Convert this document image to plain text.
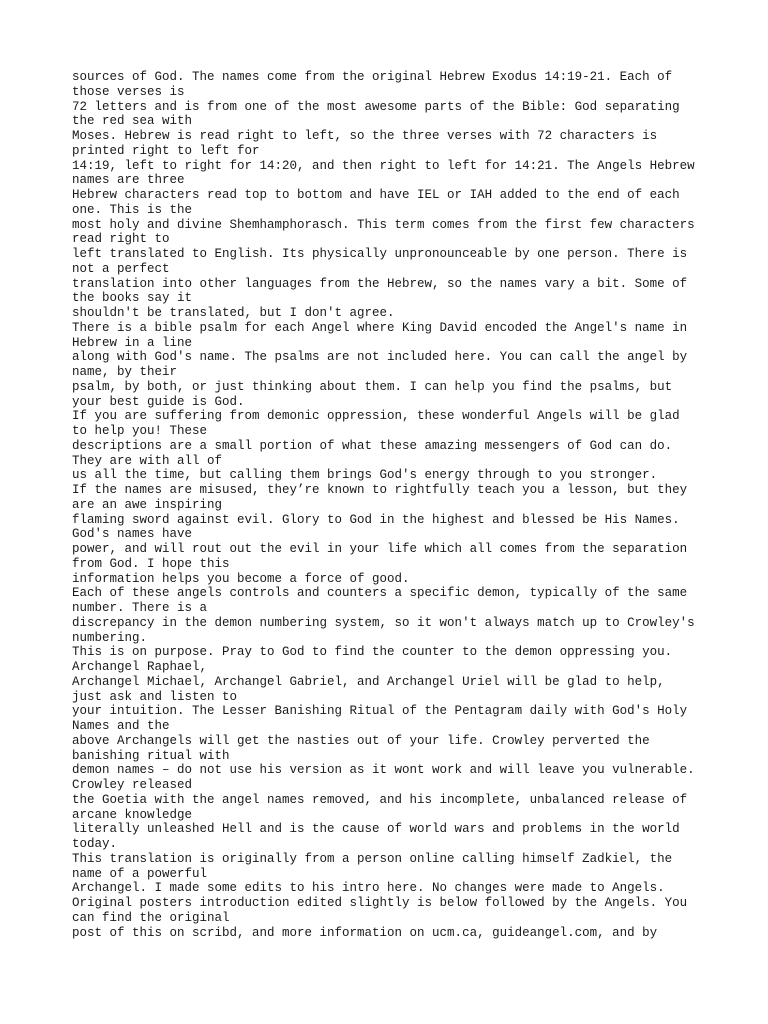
sources of God. The names come from the original Hebrew Exodus 14:19-21. Each of
those verses is
72 letters and is from one of the most awesome parts of the Bible: God separating
the red sea with
Moses. Hebrew is read right to left, so the three verses with 72 characters is
printed right to left for
14:19, left to right for 14:20, and then right to left for 14:21. The Angels Hebrew
names are three
Hebrew characters read top to bottom and have IEL or IAH added to the end of each
one. This is the
most holy and divine Shemhamphorasch. This term comes from the first few characters
read right to
left translated to English. Its physically unpronounceable by one person. There is
not a perfect
translation into other languages from the Hebrew, so the names vary a bit. Some of
the books say it
shouldn't be translated, but I don't agree.
There is a bible psalm for each Angel where King David encoded the Angel's name in
Hebrew in a line
along with God's name. The psalms are not included here. You can call the angel by
name, by their
psalm, by both, or just thinking about them. I can help you find the psalms, but
your best guide is God.
If you are suffering from demonic oppression, these wonderful Angels will be glad
to help you! These
descriptions are a small portion of what these amazing messengers of God can do.
They are with all of
us all the time, but calling them brings God's energy through to you stronger.
If the names are misused, they’re known to rightfully teach you a lesson, but they
are an awe inspiring
flaming sword against evil. Glory to God in the highest and blessed be His Names.
God's names have
power, and will rout out the evil in your life which all comes from the separation
from God. I hope this
information helps you become a force of good.
Each of these angels controls and counters a specific demon, typically of the same
number. There is a
discrepancy in the demon numbering system, so it won't always match up to Crowley's
numbering.
This is on purpose. Pray to God to find the counter to the demon oppressing you.
Archangel Raphael,
Archangel Michael, Archangel Gabriel, and Archangel Uriel will be glad to help,
just ask and listen to
your intuition. The Lesser Banishing Ritual of the Pentagram daily with God's Holy
Names and the
above Archangels will get the nasties out of your life. Crowley perverted the
banishing ritual with
demon names – do not use his version as it wont work and will leave you vulnerable.
Crowley released
the Goetia with the angel names removed, and his incomplete, unbalanced release of
arcane knowledge
literally unleashed Hell and is the cause of world wars and problems in the world
today.
This translation is originally from a person online calling himself Zadkiel, the
name of a powerful
Archangel. I made some edits to his intro here. No changes were made to Angels.
Original posters introduction edited slightly is below followed by the Angels. You
can find the original
post of this on scribd, and more information on ucm.ca, guideangel.com, and by
